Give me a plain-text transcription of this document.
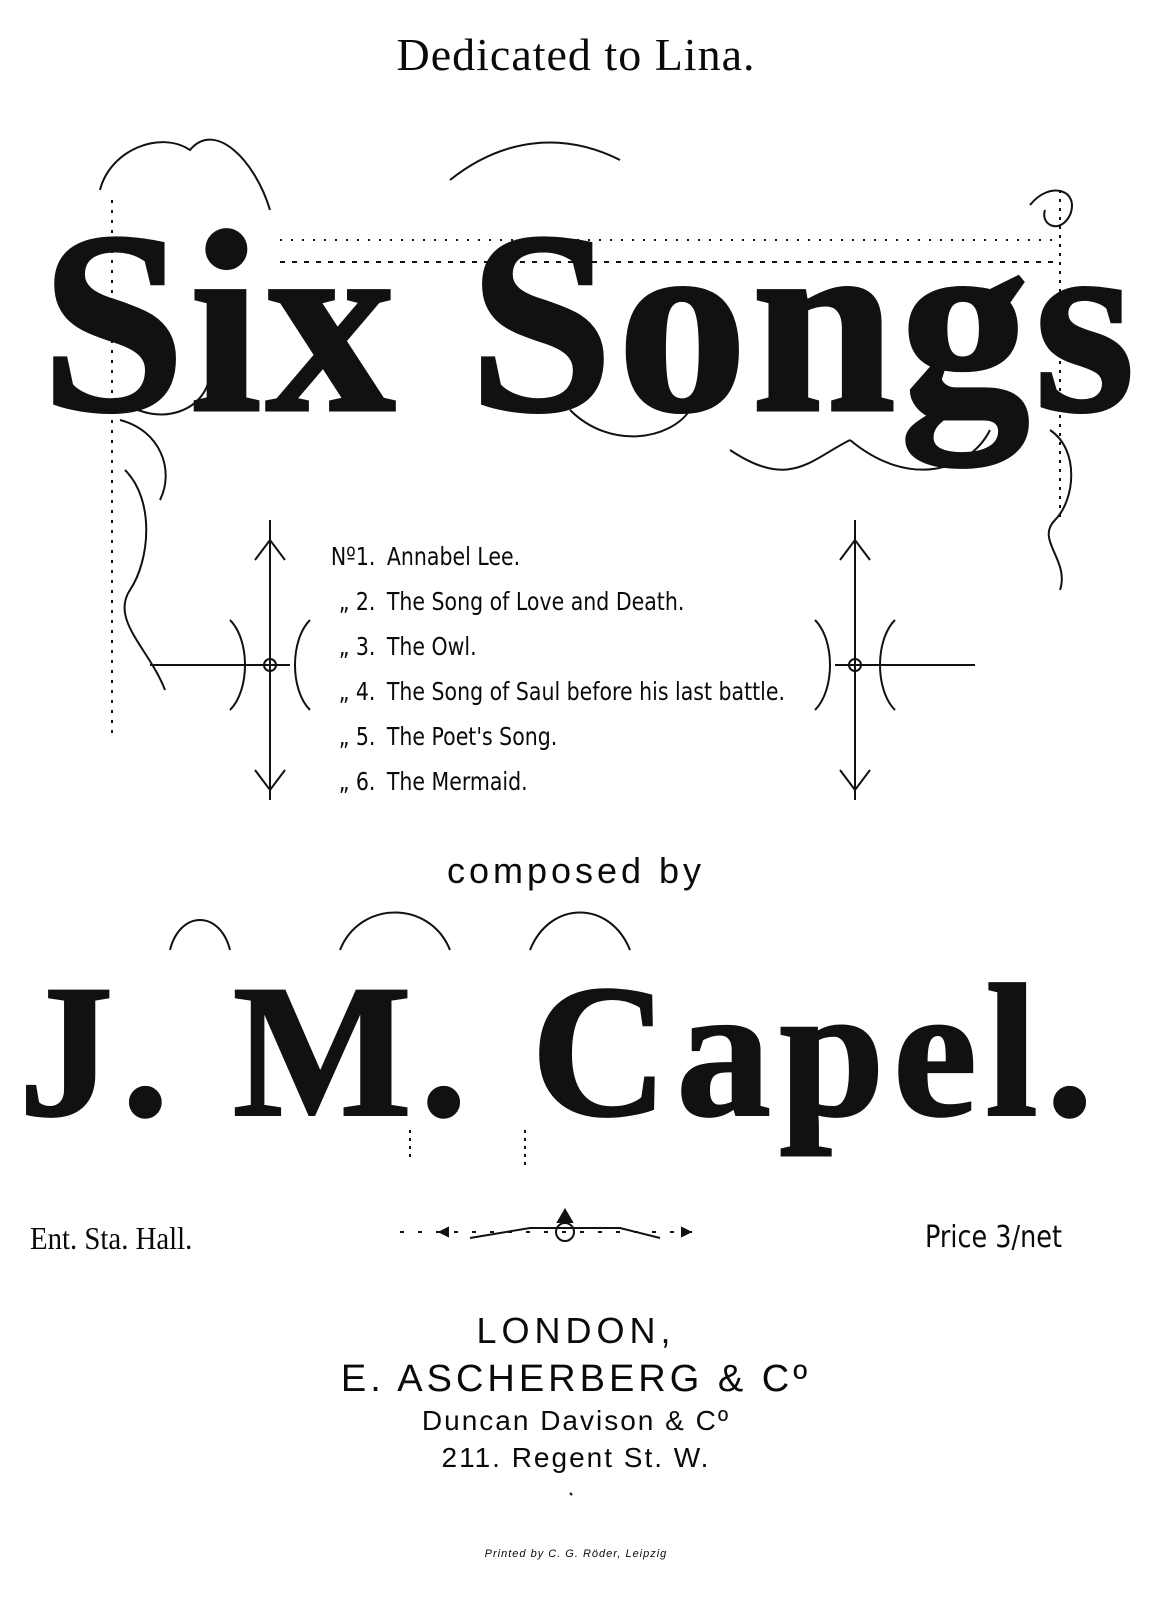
Dedicated to Lina.
Six Songs
Nº1. Annabel Lee.
„ 2. The Song of Love and Death.
„ 3. The Owl.
„ 4. The Song of Saul before his last battle.
„ 5. The Poet's Song.
„ 6. The Mermaid.
composed by
J. M. Capel.
Ent. Sta. Hall.	Price 3/net
LONDON,
E. ASCHERBERG & Cº
Duncan Davison & Cº
211. Regent St. W.
Printed by C. G. Röder, Leipzig
